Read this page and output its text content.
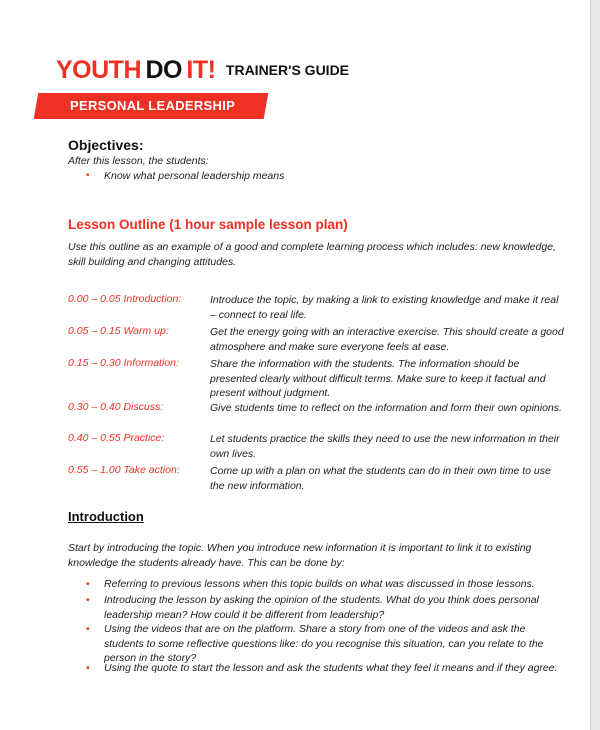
YOUTH DO IT! TRAINER'S GUIDE
PERSONAL LEADERSHIP
Objectives:
After this lesson, the students:
• Know what personal leadership means
Lesson Outline (1 hour sample lesson plan)
Use this outline as an example of a good and complete learning process which includes: new knowledge, skill building and changing attitudes.
0.00 – 0.05 Introduction:	Introduce the topic, by making a link to existing knowledge and make it real – connect to real life.
0.05 – 0.15 Warm up:	Get the energy going with an interactive exercise. This should create a good atmosphere and make sure everyone feels at ease.
0.15 – 0.30 Information:	Share the information with the students. The information should be presented clearly without difficult terms. Make sure to keep it factual and present without judgment.
0.30 – 0.40 Discuss:	Give students time to reflect on the information and form their own opinions.
0.40 – 0.55 Practice:	Let students practice the skills they need to use the new information in their own lives.
0.55 – 1.00 Take action:	Come up with a plan on what the students can do in their own time to use the new information.
Introduction
Start by introducing the topic. When you introduce new information it is important to link it to existing knowledge the students already have. This can be done by:
• Referring to previous lessons when this topic builds on what was discussed in those lessons.
• Introducing the lesson by asking the opinion of the students. What do you think does personal leadership mean? How could it be different from leadership?
• Using the videos that are on the platform. Share a story from one of the videos and ask the students to some reflective questions like: do you recognise this situation, can you relate to the person in the story?
• Using the quote to start the lesson and ask the students what they feel it means and if they agree.
